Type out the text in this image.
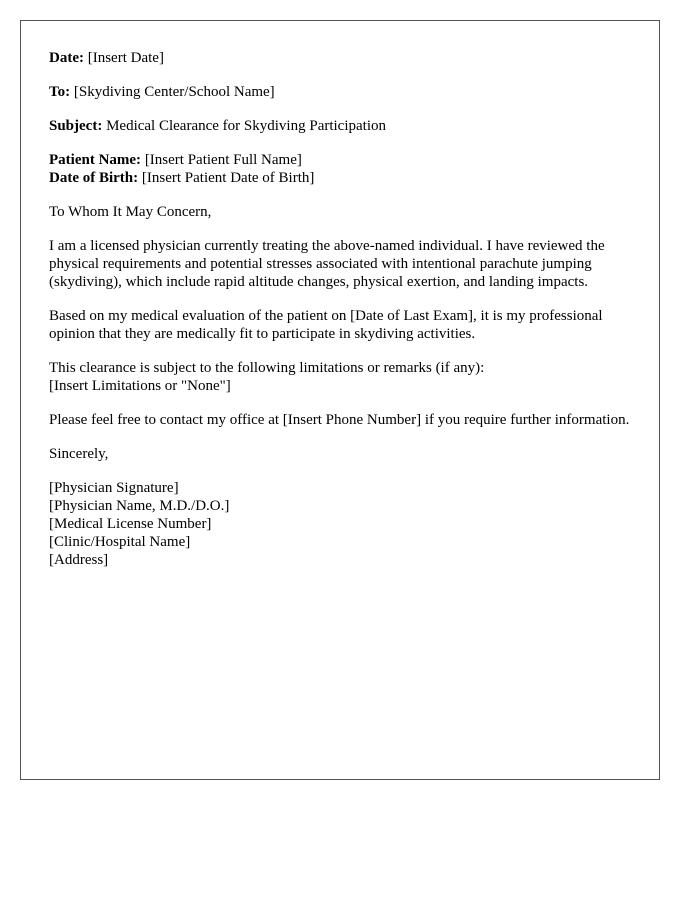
Date: [Insert Date]

To: [Skydiving Center/School Name]

Subject: Medical Clearance for Skydiving Participation

Patient Name: [Insert Patient Full Name]
Date of Birth: [Insert Patient Date of Birth]

To Whom It May Concern,

I am a licensed physician currently treating the above-named individual. I have reviewed the physical requirements and potential stresses associated with intentional parachute jumping (skydiving), which include rapid altitude changes, physical exertion, and landing impacts.

Based on my medical evaluation of the patient on [Date of Last Exam], it is my professional opinion that they are medically fit to participate in skydiving activities.

This clearance is subject to the following limitations or remarks (if any):
[Insert Limitations or "None"]

Please feel free to contact my office at [Insert Phone Number] if you require further information.

Sincerely,

[Physician Signature]
[Physician Name, M.D./D.O.]
[Medical License Number]
[Clinic/Hospital Name]
[Address]
